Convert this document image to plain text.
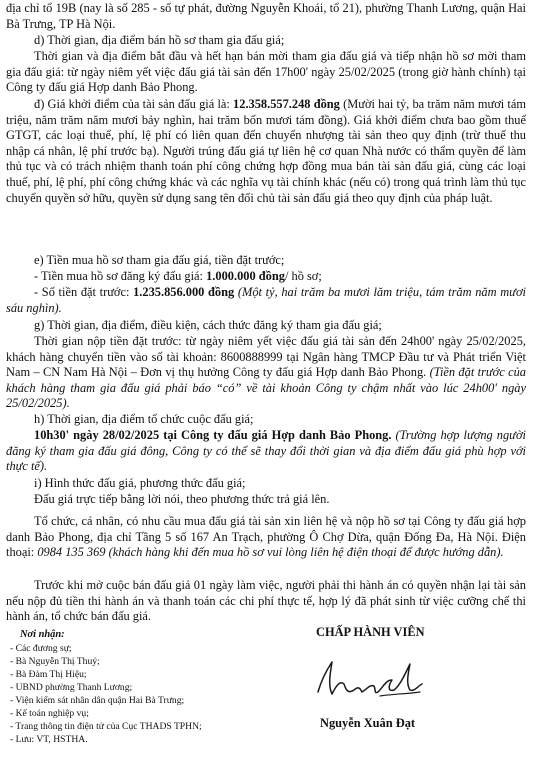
địa chỉ tổ 19B (nay là số 285 - số tự phát, đường Nguyễn Khoái, tổ 21), phường Thanh Lương, quận Hai Bà Trưng, TP Hà Nội.

d) Thời gian, địa điểm bán hồ sơ tham gia đấu giá;

Thời gian và địa điểm bắt đầu và hết hạn bán mời tham gia đấu giá và tiếp nhận hồ sơ mời tham gia đấu giá: từ ngày niêm yết việc đấu giá tài sản đến 17h00' ngày 25/02/2025 (trong giờ hành chính) tại Công ty đấu giá Hợp danh Bảo Phong.

đ) Giá khởi điểm của tài sản đấu giá là: 12.358.557.248 đồng (Mười hai tỷ, ba trăm năm mươi tám triệu, năm trăm năm mươi bảy nghìn, hai trăm bốn mươi tám đồng). Giá khởi điểm chưa bao gồm thuế GTGT, các loại thuế, phí, lệ phí có liên quan đến chuyển nhượng tài sản theo quy định (trừ thuế thu nhập cá nhân, lệ phí trước bạ). Người trúng đấu giá tự liên hệ cơ quan Nhà nước có thẩm quyền để làm thủ tục và có trách nhiệm thanh toán phí công chứng hợp đồng mua bán tài sản đấu giá, cùng các loại thuế, phí, lệ phí, phí công chứng khác và các nghĩa vụ tài chính khác (nếu có) trong quá trình làm thủ tục chuyển quyền sở hữu, quyền sử dụng sang tên đối chủ tài sản đấu giá theo quy định của pháp luật.

e) Tiền mua hồ sơ tham gia đấu giá, tiền đặt trước;

- Tiền mua hồ sơ đăng ký đấu giá: 1.000.000 đồng/ hồ sơ;

- Số tiền đặt trước: 1.235.856.000 đồng (Một tỷ, hai trăm ba mươi lăm triệu, tám trăm năm mươi sáu nghìn).

g) Thời gian, địa điểm, điều kiện, cách thức đăng ký tham gia đấu giá;

Thời gian nộp tiền đặt trước: từ ngày niêm yết việc đấu giá tài sản đến 24h00' ngày 25/02/2025, khách hàng chuyển tiền vào số tài khoản: 8600888999 tại Ngân hàng TMCP Đầu tư và Phát triển Việt Nam – CN Nam Hà Nội – Đơn vị thụ hưởng Công ty đấu giá Hợp danh Bảo Phong. (Tiền đặt trước của khách hàng tham gia đấu giá phải báo “có” về tài khoản Công ty chậm nhất vào lúc 24h00' ngày 25/02/2025).

h) Thời gian, địa điểm tổ chức cuộc đấu giá;

10h30' ngày 28/02/2025 tại Công ty đấu giá Hợp danh Bảo Phong. (Trường hợp lượng người đăng ký tham gia đấu giá đông, Công ty có thể sẽ thay đổi thời gian và địa điểm đấu giá phù hợp với thực tế).

i) Hình thức đấu giá, phương thức đấu giá;

Đấu giá trực tiếp bằng lời nói, theo phương thức trả giá lên.

Tổ chức, cá nhân, có nhu cầu mua đấu giá tài sản xin liên hệ và nộp hồ sơ tại Công ty đấu giá hợp danh Bảo Phong, địa chỉ Tầng 5 số 167 An Trạch, phường Ô Chợ Dừa, quận Đống Đa, Hà Nội. Điện thoại: 0984 135 369 (khách hàng khi đến mua hồ sơ vui lòng liên hệ điện thoại để được hướng dẫn).

Trước khi mở cuộc bán đấu giá 01 ngày làm việc, người phải thi hành án có quyền nhận lại tài sản nếu nộp đủ tiền thi hành án và thanh toán các chi phí thực tế, hợp lý đã phát sinh từ việc cưỡng chế thi hành án, tổ chức bán đấu giá.

Nơi nhận:
- Các đương sự;
- Bà Nguyễn Thị Thuỷ;
- Bà Đàm Thị Hiệu;
- UBND phường Thanh Lương;
- Viện kiểm sát nhân dân quận Hai Bà Trưng;
- Kế toán nghiệp vụ;
- Trang thông tin điện tử của Cục THADS TPHN;
- Lưu: VT, HSTHA.
CHẤP HÀNH VIÊN
Nguyễn Xuân Đạt
